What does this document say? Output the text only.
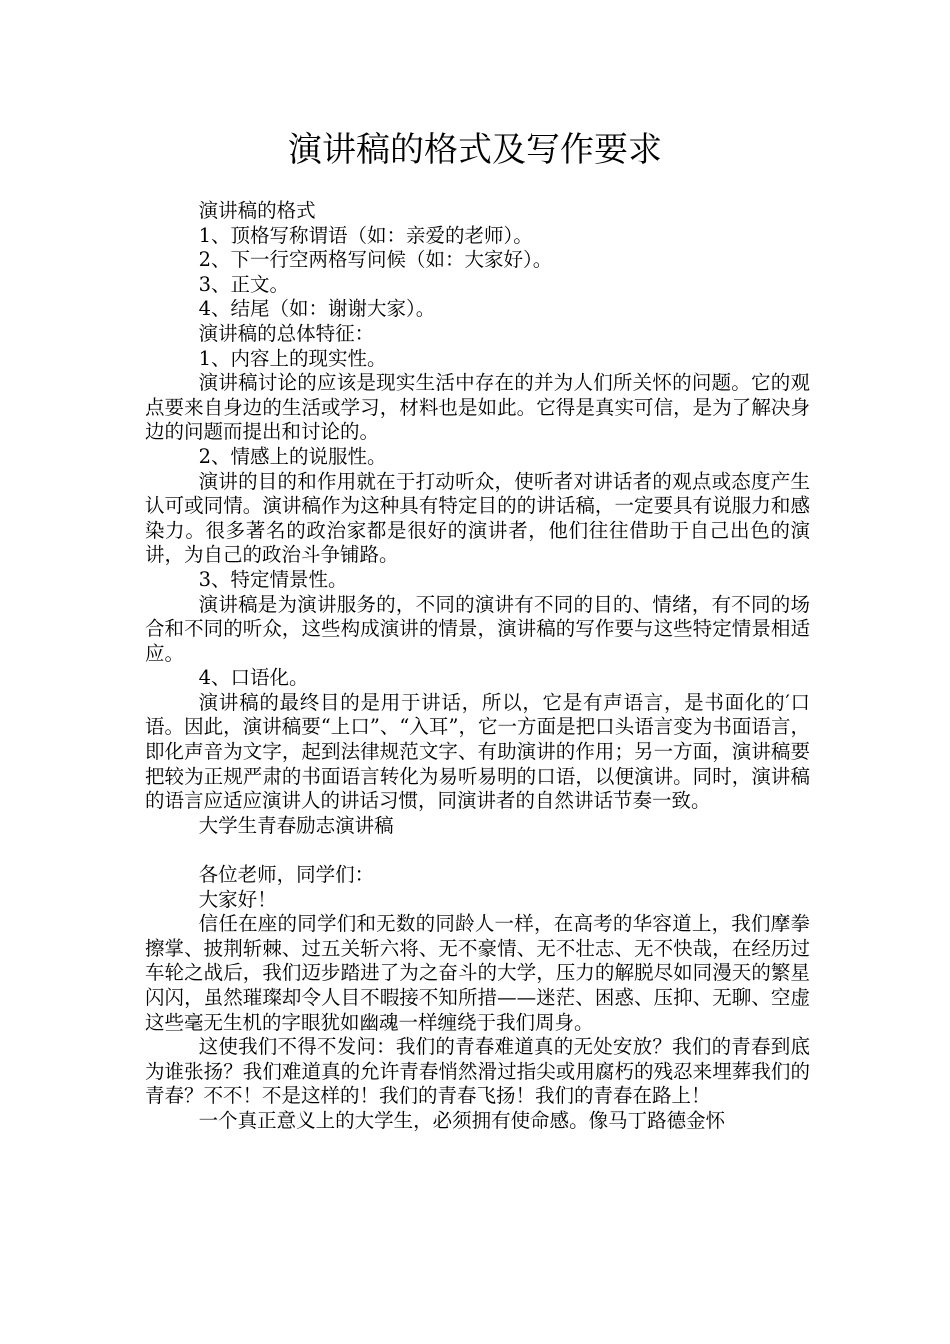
演讲稿的格式及写作要求

演讲稿的格式

1、顶格写称谓语（如：亲爱的老师）。

2、下一行空两格写问候（如：大家好）。

3、正文。

4、结尾（如：谢谢大家）。

演讲稿的总体特征：

1、内容上的现实性。

演讲稿讨论的应该是现实生活中存在的并为人们所关怀的问题。它的观点要来自身边的生活或学习，材料也是如此。它得是真实可信，是为了解决身边的问题而提出和讨论的。

2、情感上的说服性。

演讲的目的和作用就在于打动听众，使听者对讲话者的观点或态度产生认可或同情。演讲稿作为这种具有特定目的的讲话稿，一定要具有说服力和感染力。很多著名的政治家都是很好的演讲者，他们往往借助于自己出色的演讲，为自己的政治斗争铺路。

3、特定情景性。

演讲稿是为演讲服务的，不同的演讲有不同的目的、情绪，有不同的场合和不同的听众，这些构成演讲的情景，演讲稿的写作要与这些特定情景相适应。

4、口语化。

演讲稿的最终目的是用于讲话，所以，它是有声语言，是书面化的′口语。因此，演讲稿要“上口”、“入耳”，它一方面是把口头语言变为书面语言，即化声音为文字，起到法律规范文字、有助演讲的作用；另一方面，演讲稿要把较为正规严肃的书面语言转化为易听易明的口语，以便演讲。同时，演讲稿的语言应适应演讲人的讲话习惯，同演讲者的自然讲话节奏一致。

大学生青春励志演讲稿

各位老师，同学们：

大家好！

信任在座的同学们和无数的同龄人一样，在高考的华容道上，我们摩拳擦掌、披荆斩棘、过五关斩六将、无不豪情、无不壮志、无不快哉，在经历过车轮之战后，我们迈步踏进了为之奋斗的大学，压力的解脱尽如同漫天的繁星闪闪，虽然璀璨却令人目不暇接不知所措——迷茫、困惑、压抑、无聊、空虚这些毫无生机的字眼犹如幽魂一样缠绕于我们周身。

这使我们不得不发问：我们的青春难道真的无处安放？我们的青春到底为谁张扬？我们难道真的允许青春悄然滑过指尖或用腐朽的残忍来埋葬我们的青春？不不！不是这样的！我们的青春飞扬！我们的青春在路上！

一个真正意义上的大学生，必须拥有使命感。像马丁路德金怀
